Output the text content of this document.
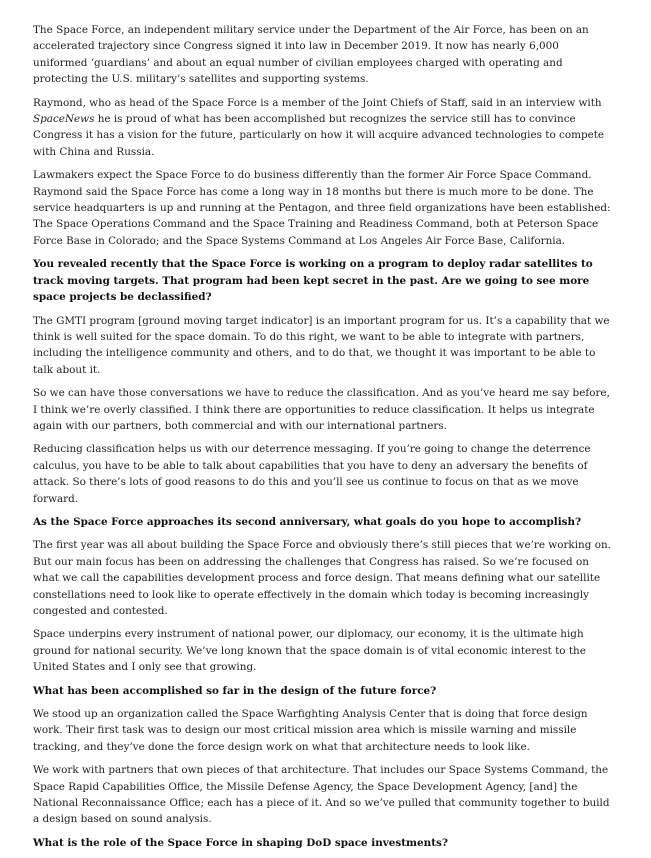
The Space Force, an independent military service under the Department of the Air Force, has been on an accelerated trajectory since Congress signed it into law in December 2019. It now has nearly 6,000 uniformed ‘guardians’ and about an equal number of civilian employees charged with operating and protecting the U.S. military’s satellites and supporting systems.

Raymond, who as head of the Space Force is a member of the Joint Chiefs of Staff, said in an interview with SpaceNews he is proud of what has been accomplished but recognizes the service still has to convince Congress it has a vision for the future, particularly on how it will acquire advanced technologies to compete with China and Russia.

Lawmakers expect the Space Force to do business differently than the former Air Force Space Command. Raymond said the Space Force has come a long way in 18 months but there is much more to be done. The service headquarters is up and running at the Pentagon, and three field organizations have been established: The Space Operations Command and the Space Training and Readiness Command, both at Peterson Space Force Base in Colorado; and the Space Systems Command at Los Angeles Air Force Base, California.

You revealed recently that the Space Force is working on a program to deploy radar satellites to track moving targets. That program had been kept secret in the past. Are we going to see more space projects be declassified?

The GMTI program [ground moving target indicator] is an important program for us. It’s a capability that we think is well suited for the space domain. To do this right, we want to be able to integrate with partners, including the intelligence community and others, and to do that, we thought it was important to be able to talk about it.

So we can have those conversations we have to reduce the classification. And as you’ve heard me say before, I think we’re overly classified. I think there are opportunities to reduce classification. It helps us integrate again with our partners, both commercial and with our international partners.

Reducing classification helps us with our deterrence messaging. If you’re going to change the deterrence calculus, you have to be able to talk about capabilities that you have to deny an adversary the benefits of attack. So there’s lots of good reasons to do this and you’ll see us continue to focus on that as we move forward.

As the Space Force approaches its second anniversary, what goals do you hope to accomplish?

The first year was all about building the Space Force and obviously there’s still pieces that we’re working on. But our main focus has been on addressing the challenges that Congress has raised. So we’re focused on what we call the capabilities development process and force design. That means defining what our satellite constellations need to look like to operate effectively in the domain which today is becoming increasingly congested and contested.

Space underpins every instrument of national power, our diplomacy, our economy, it is the ultimate high ground for national security. We’ve long known that the space domain is of vital economic interest to the United States and I only see that growing.

What has been accomplished so far in the design of the future force?

We stood up an organization called the Space Warfighting Analysis Center that is doing that force design work. Their first task was to design our most critical mission area which is missile warning and missile tracking, and they’ve done the force design work on what that architecture needs to look like.

We work with partners that own pieces of that architecture. That includes our Space Systems Command, the Space Rapid Capabilities Office, the Missile Defense Agency, the Space Development Agency, [and] the National Reconnaissance Office; each has a piece of it. And so we’ve pulled that community together to build a design based on sound analysis.

What is the role of the Space Force in shaping DoD space investments?
